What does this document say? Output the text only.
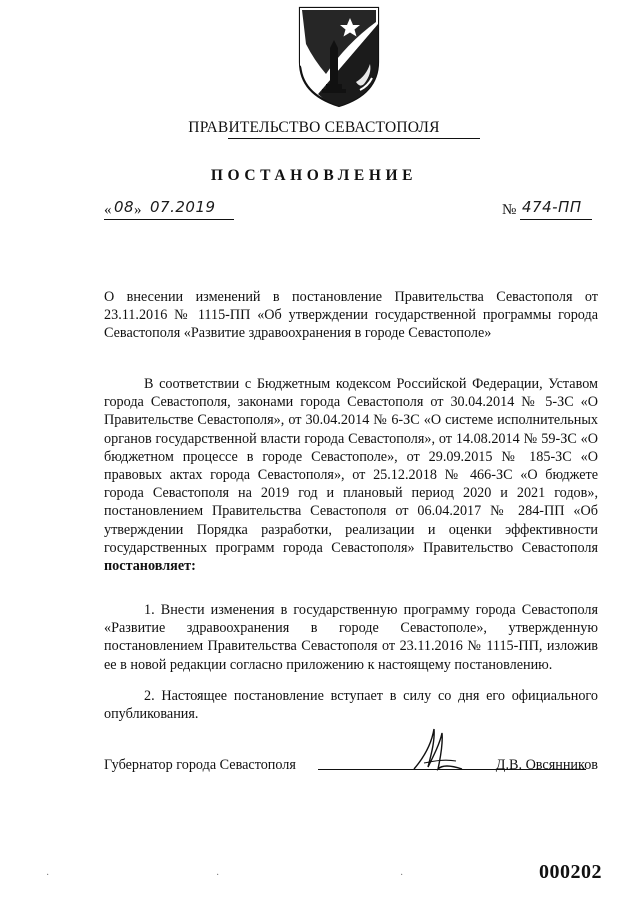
ПРАВИТЕЛЬСТВО СЕВАСТОПОЛЯ
ПОСТАНОВЛЕНИЕ
« 08 » 07.2019	№ 474-ПП
О внесении изменений в постановление Правительства Севастополя от 23.11.2016 № 1115-ПП «Об утверждении государственной программы города Севастополя «Развитие здравоохранения в городе Севастополе»
В соответствии с Бюджетным кодексом Российской Федерации, Уставом города Севастополя, законами города Севастополя от 30.04.2014 № 5-ЗС «О Правительстве Севастополя», от 30.04.2014 № 6-ЗС «О системе исполнительных органов государственной власти города Севастополя», от 14.08.2014 № 59-ЗС «О бюджетном процессе в городе Севастополе», от 29.09.2015 № 185-ЗС «О правовых актах города Севастополя», от 25.12.2018 № 466-ЗС «О бюджете города Севастополя на 2019 год и плановый период 2020 и 2021 годов», постановлением Правительства Севастополя от 06.04.2017 № 284-ПП «Об утверждении Порядка разработки, реализации и оценки эффективности государственных программ города Севастополя» Правительство Севастополя постановляет:
1. Внести изменения в государственную программу города Севастополя «Развитие здравоохранения в городе Севастополе», утвержденную постановлением Правительства Севастополя от 23.11.2016 № 1115-ПП, изложив ее в новой редакции согласно приложению к настоящему постановлению.
2. Настоящее постановление вступает в силу со дня его официального опубликования.
Губернатор города Севастополя	Д.В. Овсянников
·	·	·	000202
